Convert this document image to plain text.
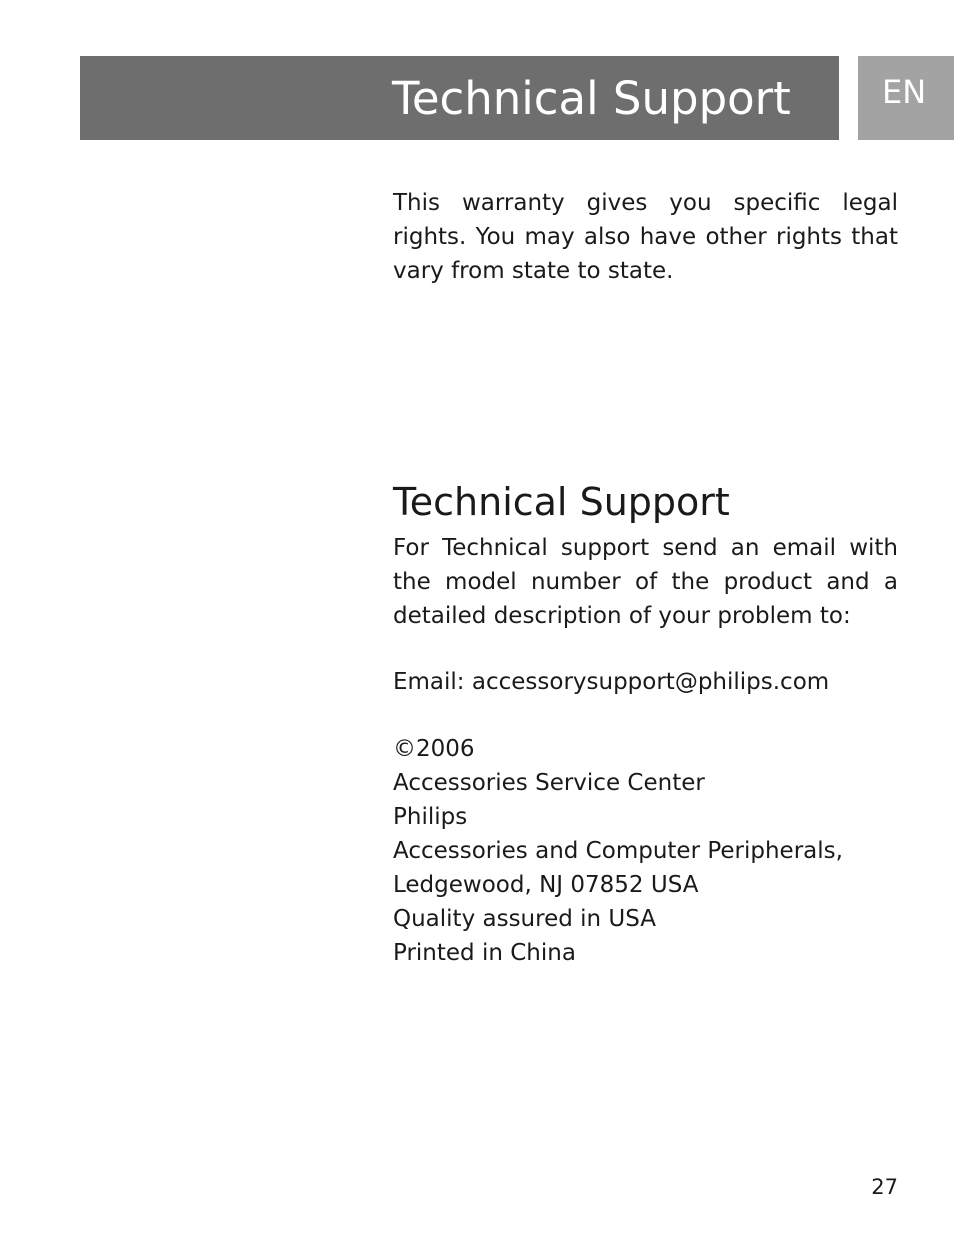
Technical Support	EN

This warranty gives you specific legal rights. You may also have other rights that vary from state to state.

Technical Support

For Technical support send an email with the model number of the product and a detailed description of your problem to:

Email: accessorysupport@philips.com
©2006
Accessories Service Center
Philips
Accessories and Computer Peripherals,
Ledgewood, NJ 07852 USA
Quality assured in USA
Printed in China
27
